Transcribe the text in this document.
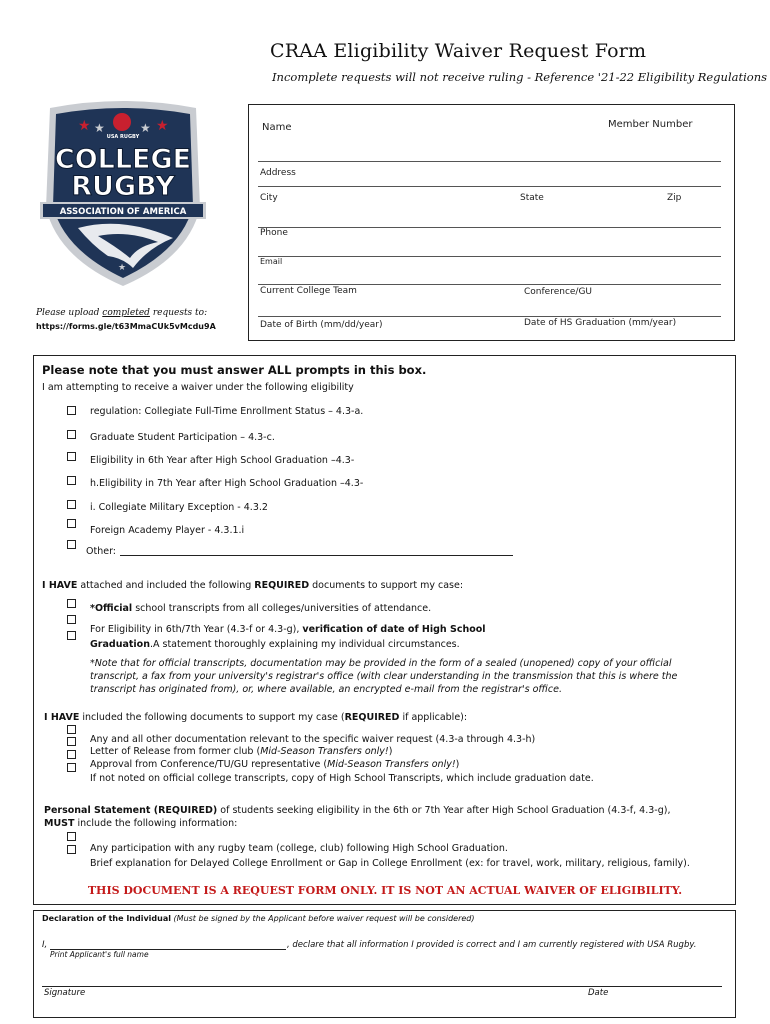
CRAA Eligibility Waiver Request Form
Incomplete requests will not receive ruling - Reference '21-22 Eligibility Regulations
★ ★	★ ★
USA RUGBY
COLLEGE
RUGBY
ASSOCIATION OF AMERICA
★
Please upload completed requests to:
https://forms.gle/t63MmaCUk5vMcdu9A
Name	Member Number
Address
City	State	Zip
Phone
Email
Current College Team	Conference/GU
Date of Birth (mm/dd/year)	Date of HS Graduation (mm/year)
Please note that you must answer ALL prompts in this box.
I am attempting to receive a waiver under the following eligibility
regulation: Collegiate Full-Time Enrollment Status – 4.3-a.
Graduate Student Participation – 4.3-c.
Eligibility in 6th Year after High School Graduation –4.3-
h.Eligibility in 7th Year after High School Graduation –4.3-
i. Collegiate Military Exception - 4.3.2
Foreign Academy Player - 4.3.1.i
Other:
I HAVE attached and included the following REQUIRED documents to support my case:
*Official school transcripts from all colleges/universities of attendance.
For Eligibility in 6th/7th Year (4.3-f or 4.3-g), verification of date of High School
Graduation.A statement thoroughly explaining my individual circumstances.
*Note that for official transcripts, documentation may be provided in the form of a sealed (unopened) copy of your official transcript, a fax from your university's registrar's office (with clear understanding in the transmission that this is where the transcript has originated from), or, where available, an encrypted e-mail from the registrar's office.
I HAVE included the following documents to support my case (REQUIRED if applicable):
Any and all other documentation relevant to the specific waiver request (4.3-a through 4.3-h)
Letter of Release from former club (Mid-Season Transfers only!)
Approval from Conference/TU/GU representative (Mid-Season Transfers only!)
If not noted on official college transcripts, copy of High School Transcripts, which include graduation date.
Personal Statement (REQUIRED) of students seeking eligibility in the 6th or 7th Year after High School Graduation (4.3-f, 4.3-g),
MUST include the following information:
Any participation with any rugby team (college, club) following High School Graduation.
Brief explanation for Delayed College Enrollment or Gap in College Enrollment (ex: for travel, work, military, religious, family).
THIS DOCUMENT IS A REQUEST FORM ONLY. IT IS NOT AN ACTUAL WAIVER OF ELIGIBILITY.
Declaration of the Individual (Must be signed by the Applicant before waiver request will be considered)
I,	, declare that all information I provided is correct and I am currently registered with USA Rugby.
Print Applicant's full name
Signature	Date
